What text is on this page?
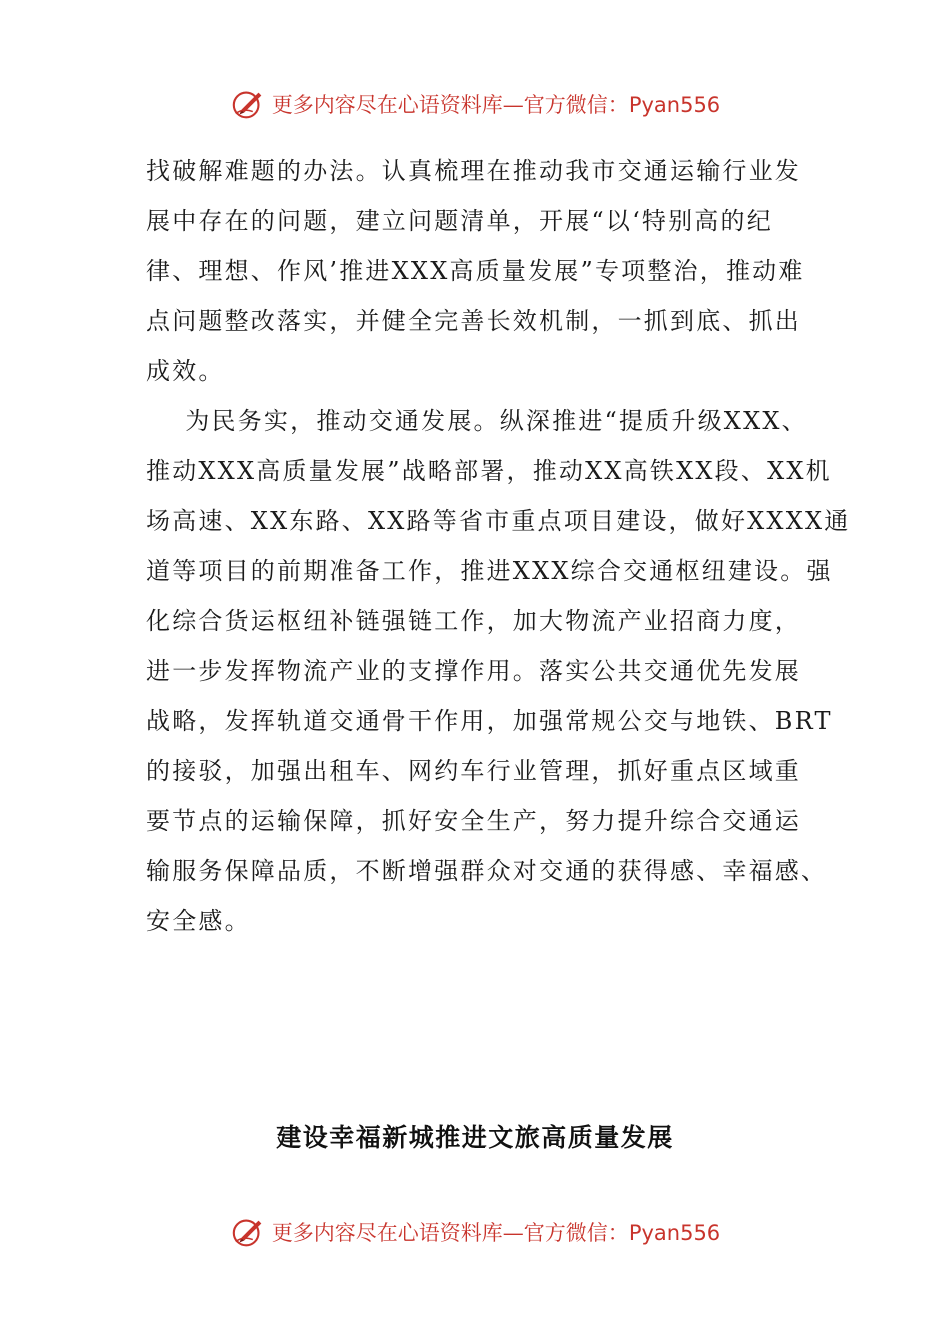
更多内容尽在心语资料库—官方微信：Pyan556
找破解难题的办法。认真梳理在推动我市交通运输行业发
展中存在的问题，建立问题清单，开展“以‘特别高的纪
律、理想、作风’推进XXX高质量发展”专项整治，推动难
点问题整改落实，并健全完善长效机制，一抓到底、抓出
成效。
为民务实，推动交通发展。纵深推进“提质升级XXX、
推动XXX高质量发展”战略部署，推动XX高铁XX段、XX机
场高速、XX东路、XX路等省市重点项目建设，做好XXXX通
道等项目的前期准备工作，推进XXX综合交通枢纽建设。强
化综合货运枢纽补链强链工作，加大物流产业招商力度，
进一步发挥物流产业的支撑作用。落实公共交通优先发展
战略，发挥轨道交通骨干作用，加强常规公交与地铁、BRT
的接驳，加强出租车、网约车行业管理，抓好重点区域重
要节点的运输保障，抓好安全生产，努力提升综合交通运
输服务保障品质，不断增强群众对交通的获得感、幸福感、
安全感。
建设幸福新城推进文旅高质量发展
更多内容尽在心语资料库—官方微信：Pyan556
